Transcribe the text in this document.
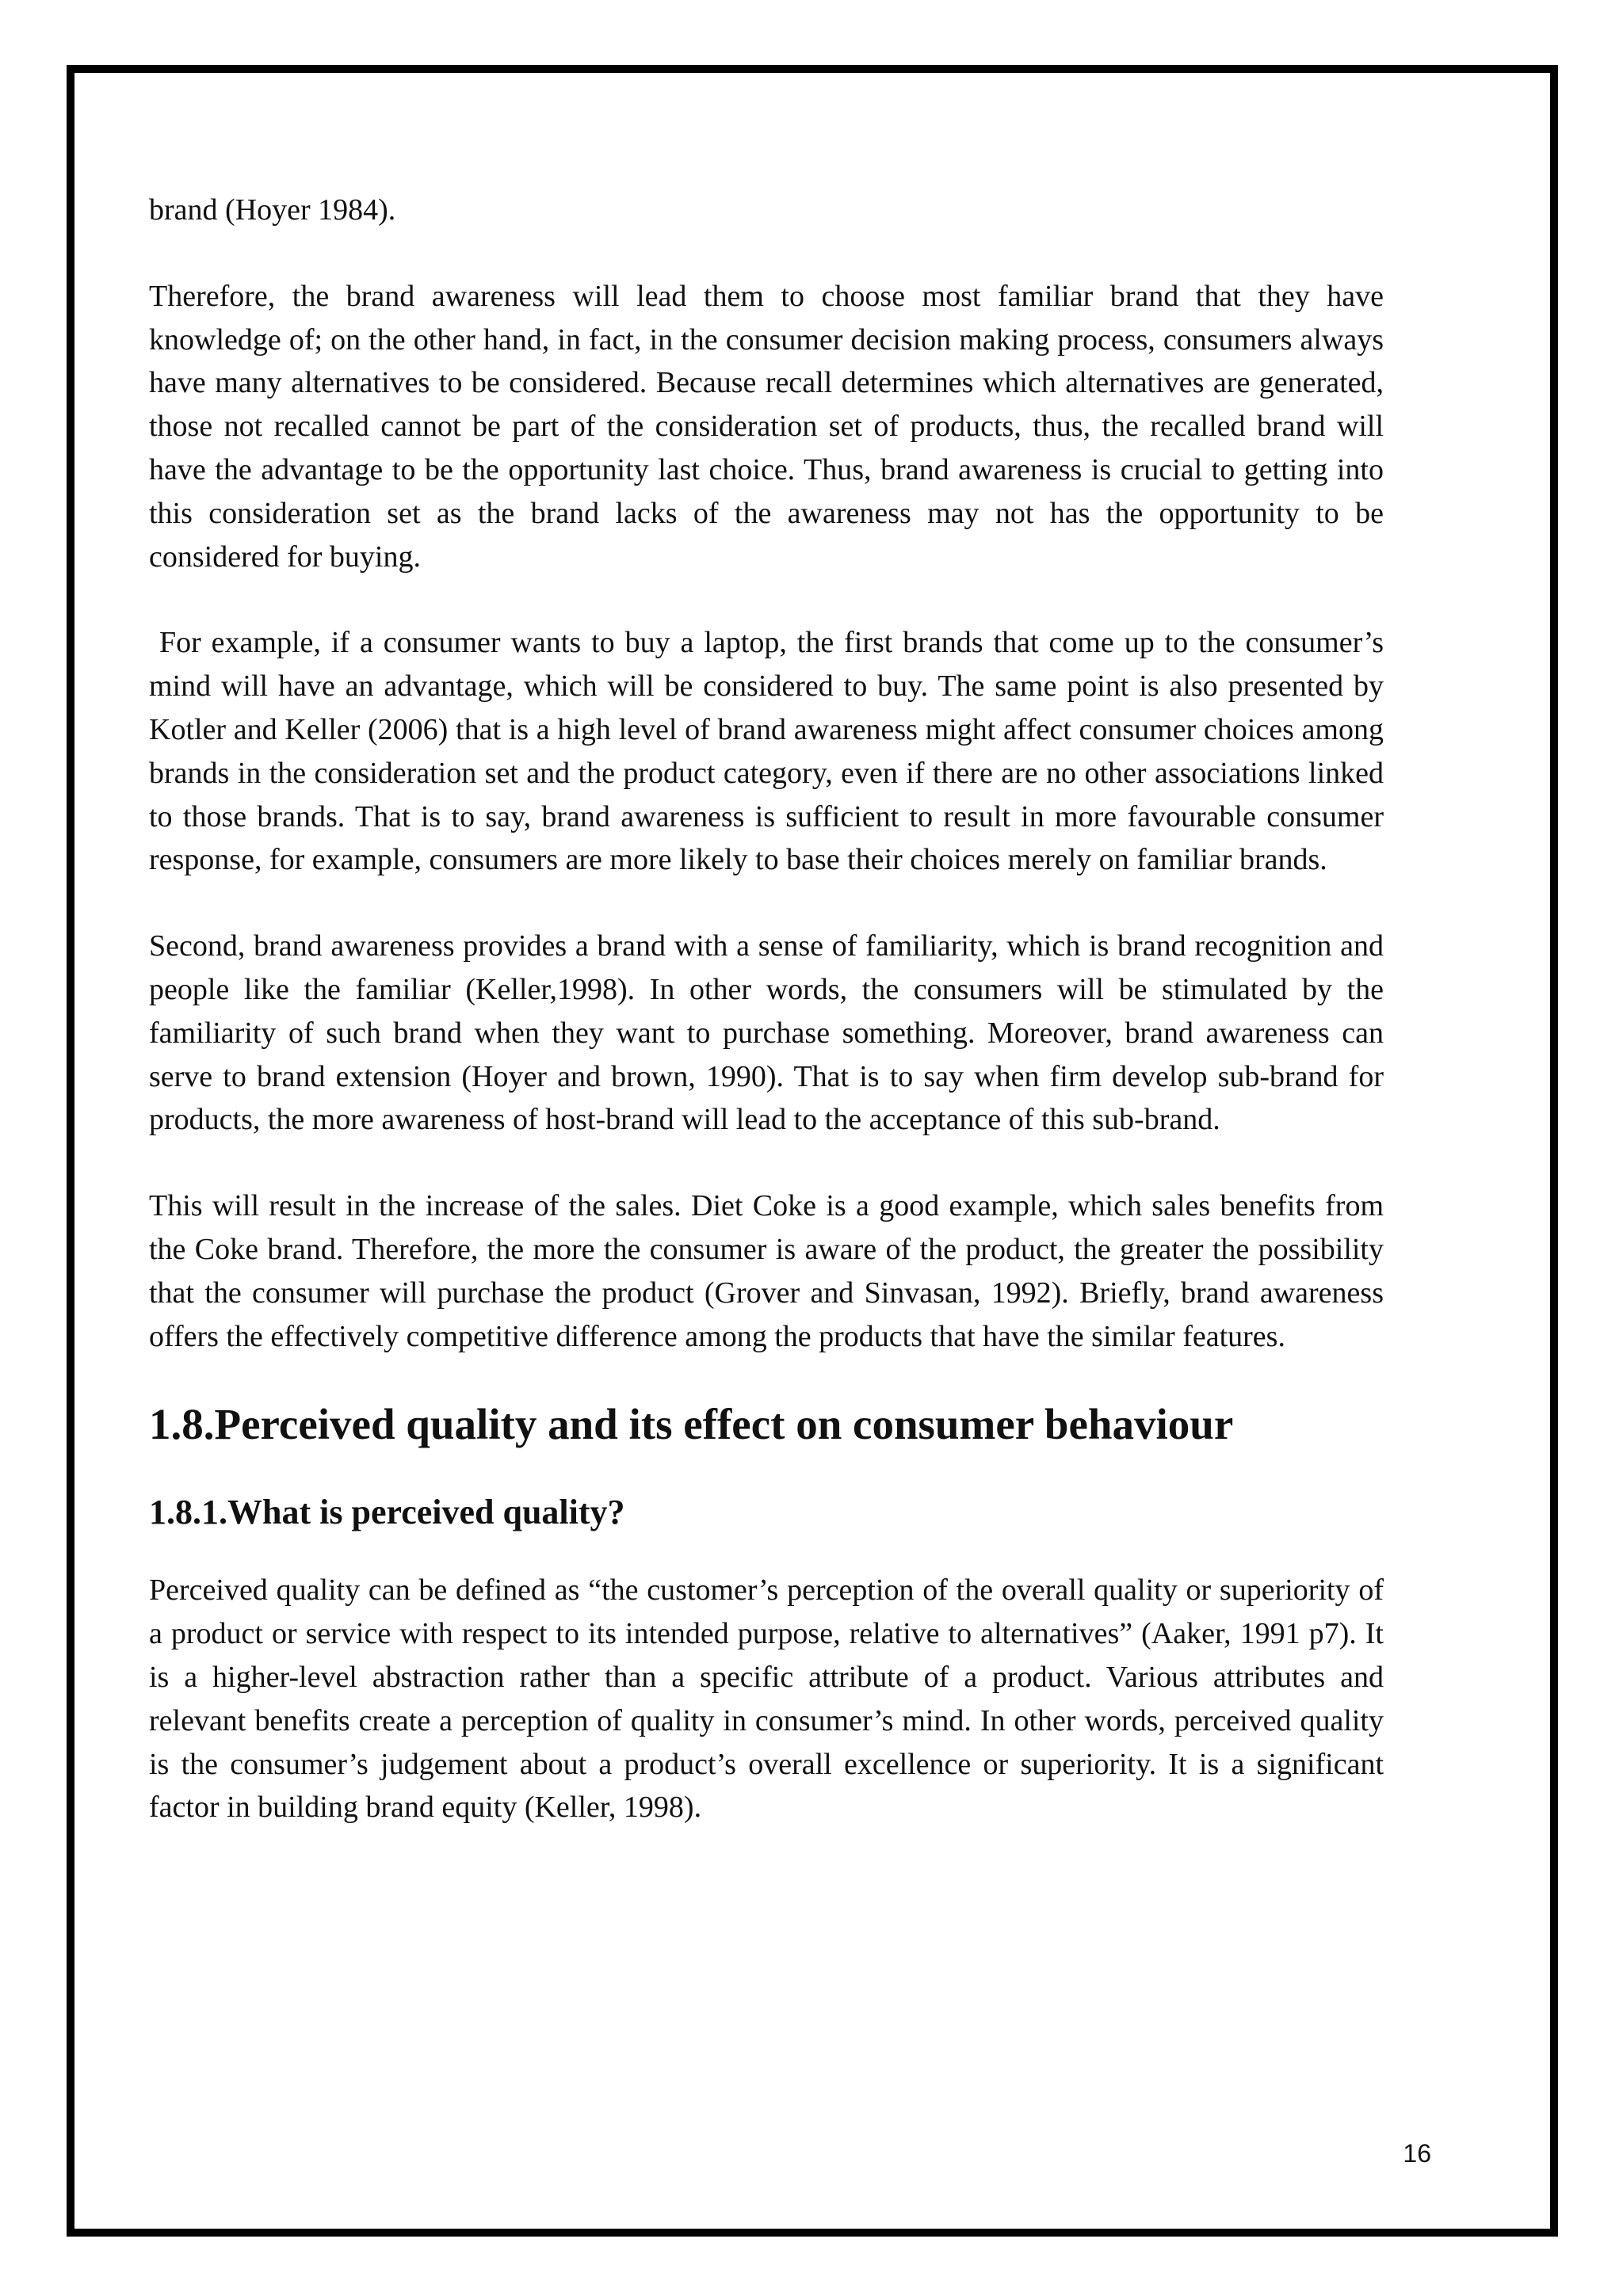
brand (Hoyer 1984).

Therefore, the brand awareness will lead them to choose most familiar brand that they have knowledge of; on the other hand, in fact, in the consumer decision making process, consumers always have many alternatives to be considered. Because recall determines which alternatives are generated, those not recalled cannot be part of the consideration set of products, thus, the recalled brand will have the advantage to be the opportunity last choice. Thus, brand awareness is crucial to getting into this consideration set as the brand lacks of the awareness may not has the opportunity to be considered for buying.

For example, if a consumer wants to buy a laptop, the first brands that come up to the consumer’s mind will have an advantage, which will be considered to buy. The same point is also presented by Kotler and Keller (2006) that is a high level of brand awareness might affect consumer choices among brands in the consideration set and the product category, even if there are no other associations linked to those brands. That is to say, brand awareness is sufficient to result in more favourable consumer response, for example, consumers are more likely to base their choices merely on familiar brands.

Second, brand awareness provides a brand with a sense of familiarity, which is brand recognition and people like the familiar (Keller,1998). In other words, the consumers will be stimulated by the familiarity of such brand when they want to purchase something. Moreover, brand awareness can serve to brand extension (Hoyer and brown, 1990). That is to say when firm develop sub-brand for products, the more awareness of host-brand will lead to the acceptance of this sub-brand.

This will result in the increase of the sales. Diet Coke is a good example, which sales benefits from the Coke brand. Therefore, the more the consumer is aware of the product, the greater the possibility that the consumer will purchase the product (Grover and Sinvasan, 1992). Briefly, brand awareness offers the effectively competitive difference among the products that have the similar features.

1.8.Perceived quality and its effect on consumer behaviour
1.8.1.What is perceived quality?

Perceived quality can be defined as “the customer’s perception of the overall quality or superiority of a product or service with respect to its intended purpose, relative to alternatives” (Aaker, 1991 p7). It is a higher-level abstraction rather than a specific attribute of a product. Various attributes and relevant benefits create a perception of quality in consumer’s mind. In other words, perceived quality is the consumer’s judgement about a product’s overall excellence or superiority. It is a significant factor in building brand equity (Keller, 1998).

16
